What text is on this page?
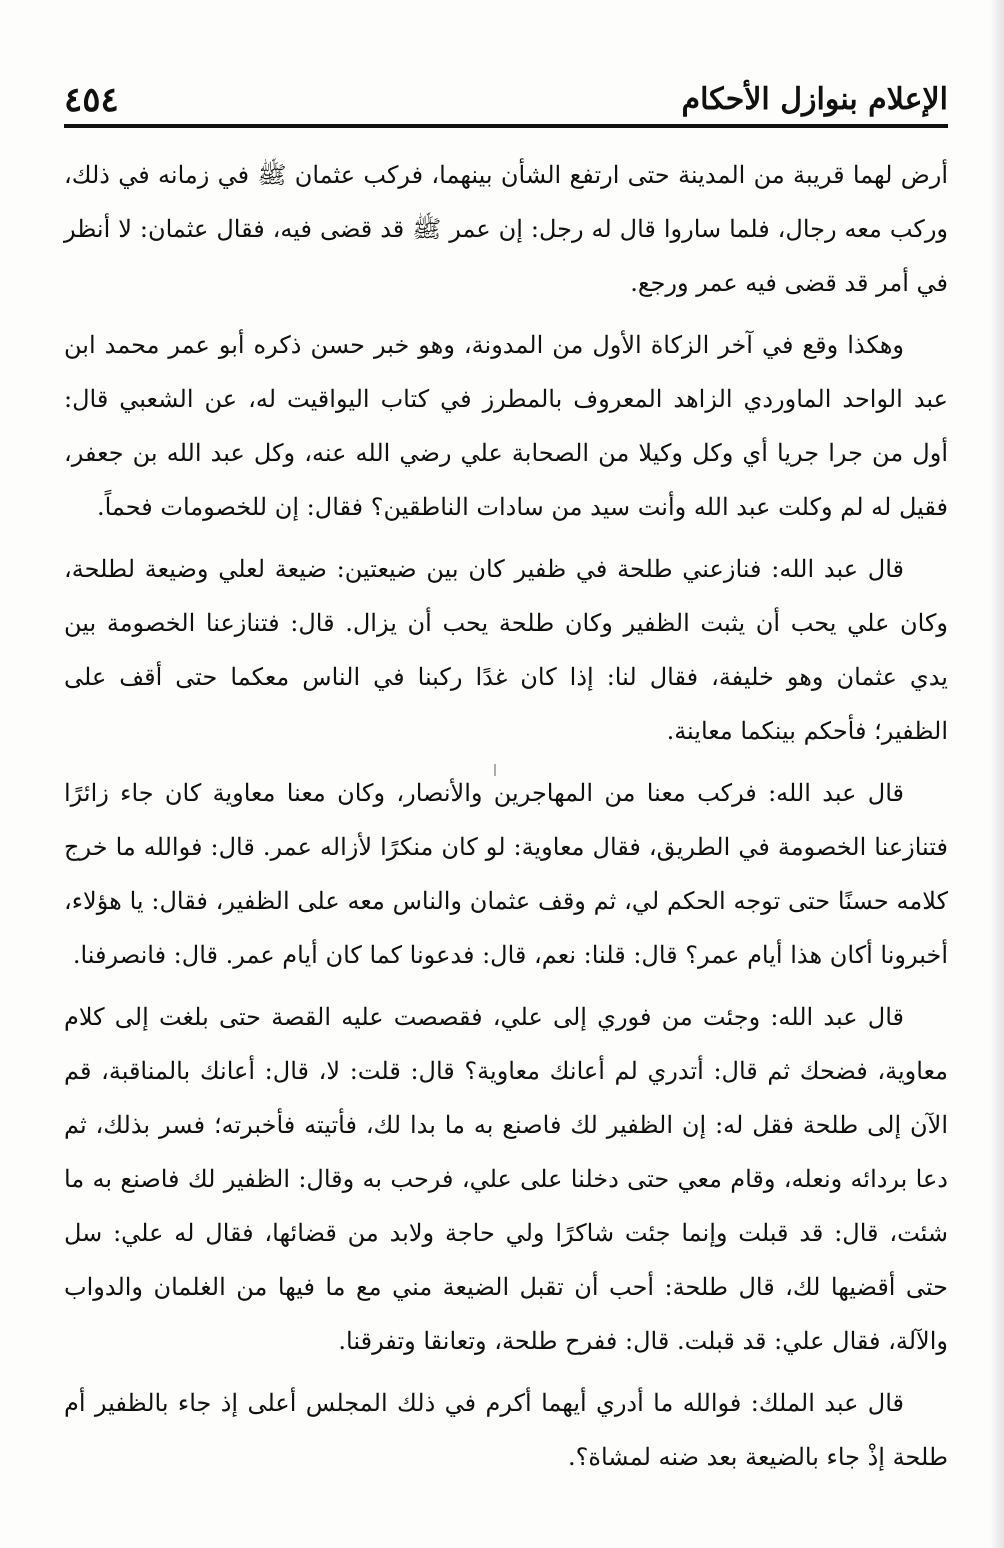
الإعلام بنوازل الأحكام
٤٥٤

أرض لهما قريبة من المدينة حتى ارتفع الشأن بينهما، فركب عثمان ﷺ في زمانه في ذلك، وركب معه رجال، فلما ساروا قال له رجل: إن عمر ﷺ قد قضى فيه، فقال عثمان: لا أنظر في أمر قد قضى فيه عمر ورجع.

وهكذا وقع في آخر الزكاة الأول من المدونة، وهو خبر حسن ذكره أبو عمر محمد ابن عبد الواحد الماوردي الزاهد المعروف بالمطرز في كتاب اليواقيت له، عن الشعبي قال: أول من جرا جريا أي وكل وكيلا من الصحابة علي رضي الله عنه، وكل عبد الله بن جعفر، فقيل له لم وكلت عبد الله وأنت سيد من سادات الناطقين؟ فقال: إن للخصومات فحماً.

قال عبد الله: فنازعني طلحة في ظفير كان بين ضيعتين: ضيعة لعلي وضيعة لطلحة، وكان علي يحب أن يثبت الظفير وكان طلحة يحب أن يزال. قال: فتنازعنا الخصومة بين يدي عثمان وهو خليفة، فقال لنا: إذا كان غدًا ركبنا في الناس معكما حتى أقف على الظفير؛ فأحكم بينكما معاينة.

قال عبد الله: فركب معنا من المهاجرين والأنصار، وكان معنا معاوية كان جاء زائرًا فتنازعنا الخصومة في الطريق، فقال معاوية: لو كان منكرًا لأزاله عمر. قال: فوالله ما خرج كلامه حسنًا حتى توجه الحكم لي، ثم وقف عثمان والناس معه على الظفير، فقال: يا هؤلاء، أخبرونا أكان هذا أيام عمر؟ قال: قلنا: نعم، قال: فدعونا كما كان أيام عمر. قال: فانصرفنا.

قال عبد الله: وجئت من فوري إلى علي، فقصصت عليه القصة حتى بلغت إلى كلام معاوية، فضحك ثم قال: أتدري لم أعانك معاوية؟ قال: قلت: لا، قال: أعانك بالمناقبة، قم الآن إلى طلحة فقل له: إن الظفير لك فاصنع به ما بدا لك، فأتيته فأخبرته؛ فسر بذلك، ثم دعا بردائه ونعله، وقام معي حتى دخلنا على علي، فرحب به وقال: الظفير لك فاصنع به ما شئت، قال: قد قبلت وإنما جئت شاكرًا ولي حاجة ولابد من قضائها، فقال له علي: سل حتى أقضيها لك، قال طلحة: أحب أن تقبل الضيعة مني مع ما فيها من الغلمان والدواب والآلة، فقال علي: قد قبلت. قال: ففرح طلحة، وتعانقا وتفرقنا.

قال عبد الملك: فوالله ما أدري أيهما أكرم في ذلك المجلس أعلى إذ جاء بالظفير أم طلحة إذْ جاء بالضيعة بعد ضنه لمشاة؟.
